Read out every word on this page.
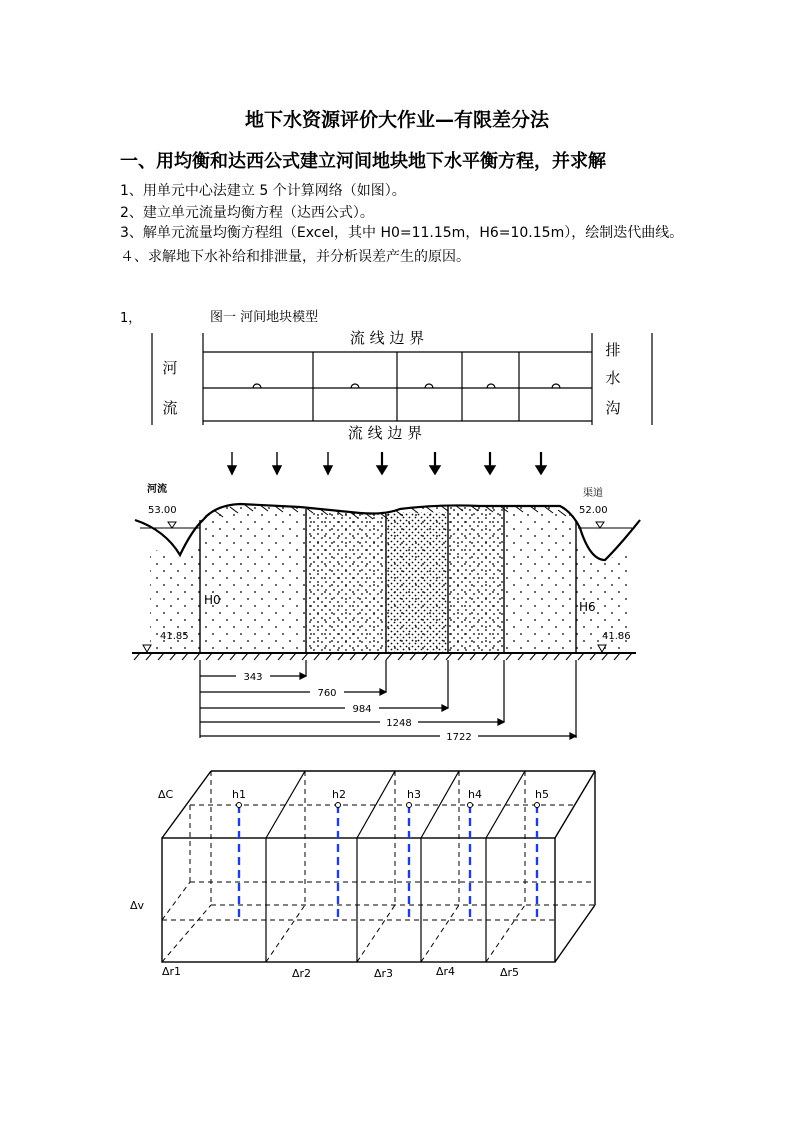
地下水资源评价大作业—有限差分法
一、用均衡和达西公式建立河间地块地下水平衡方程，并求解
1、用单元中心法建立 5 个计算网络（如图）。
2、建立单元流量均衡方程（达西公式）。
3、解单元流量均衡方程组（Excel，其中 H0=11.15m，H6=10.15m），绘制迭代曲线。
４、求解地下水补给和排泄量，并分析误差产生的原因。
1，	图一 河间地块模型
流 线 边 界
流 线 边 界
河
流
排
水
沟
河流
53.00
渠道
52.00
41.85	41.86
H0	H6
343
760
984
1248
1722
h1	h2	h3	h4	h5
ΔC
Δv
Δr1	Δr2	Δr3	Δr4	Δr5
